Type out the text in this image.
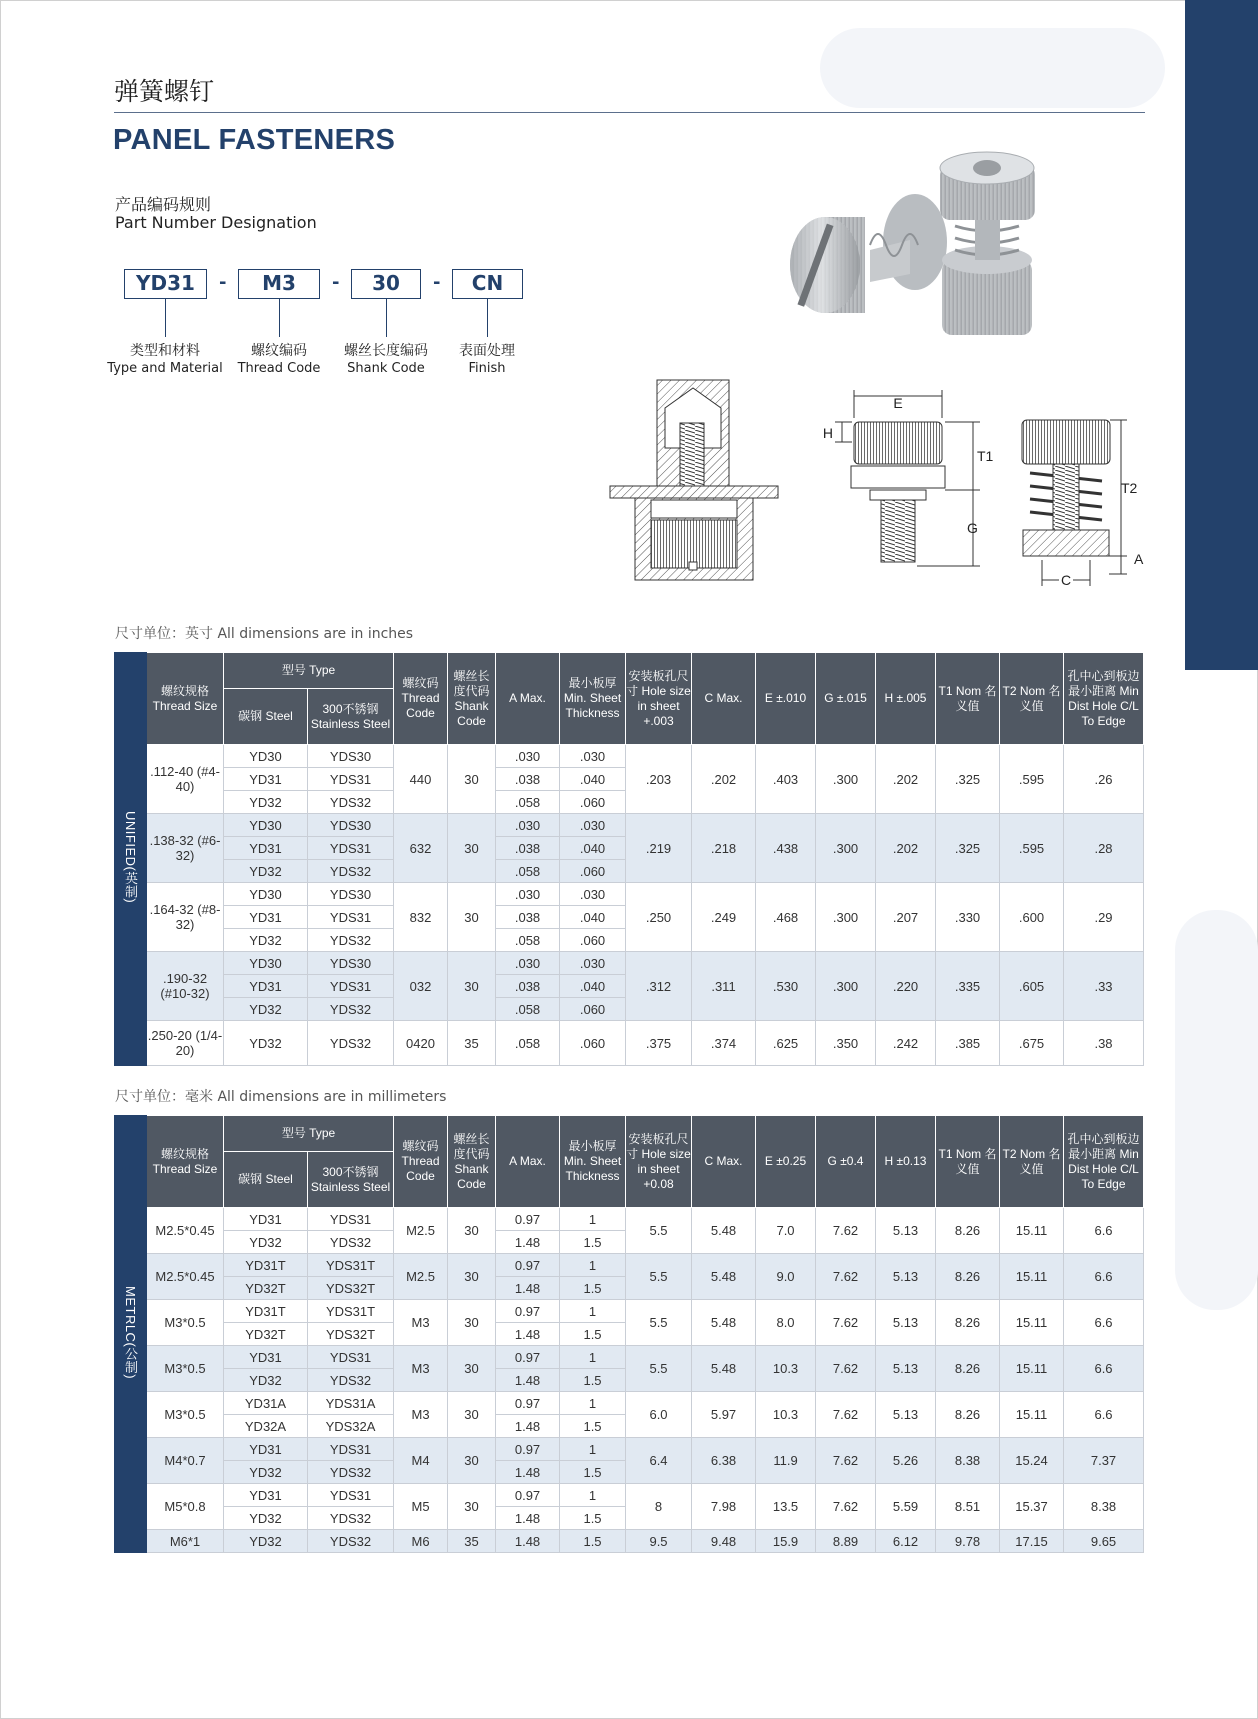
弹簧螺钉
PANEL FASTENERS
产品编码规则
Part Number Designation
YD31	-	M3	-	30	-	CN
类型和材料
Type and Material
螺纹编码
Thread Code
螺丝长度编码
Shank Code
表面处理
Finish
E
H
T1
G
T2
A
C
尺寸单位：英寸 All dimensions are in inches
UNIFIED(英制)	螺纹规格 Thread Size	型号 Type		螺纹码 Thread Code	螺丝长度代码 Shank Code	A Max.	最小板厚 Min. Sheet Thickness	安装板孔尺寸 Hole size in sheet +.003	C Max.	E ±.010	G ±.015	H ±.005	T1 Nom 名义值	T2 Nom 名义值	孔中心到板边最小距离 Min Dist Hole C/L To Edge
		碳钢 Steel	300不锈钢 Stainless Steel												
	.112-40 (#4-40)	YD30	YDS30	440	30	.030	.030	.203	.202	.403	.300	.202	.325	.595	.26
		YD31	YDS31			.038	.040								
		YD32	YDS32			.058	.060								
	.138-32 (#6-32)	YD30	YDS30	632	30	.030	.030	.219	.218	.438	.300	.202	.325	.595	.28
		YD31	YDS31			.038	.040								
		YD32	YDS32			.058	.060								
	.164-32 (#8-32)	YD30	YDS30	832	30	.030	.030	.250	.249	.468	.300	.207	.330	.600	.29
		YD31	YDS31			.038	.040								
		YD32	YDS32			.058	.060								
	.190-32 (#10-32)	YD30	YDS30	032	30	.030	.030	.312	.311	.530	.300	.220	.335	.605	.33
		YD31	YDS31			.038	.040								
		YD32	YDS32			.058	.060								
	.250-20 (1/4-20)	YD32	YDS32	0420	35	.058	.060	.375	.374	.625	.350	.242	.385	.675	.38
尺寸单位：毫米 All dimensions are in millimeters
METRLC(公制)	螺纹规格 Thread Size	型号 Type		螺纹码 Thread Code	螺丝长度代码 Shank Code	A Max.	最小板厚 Min. Sheet Thickness	安装板孔尺寸 Hole size in sheet +0.08	C Max.	E ±0.25	G ±0.4	H ±0.13	T1 Nom 名义值	T2 Nom 名义值	孔中心到板边最小距离 Min Dist Hole C/L To Edge
		碳钢 Steel	300不锈钢 Stainless Steel												
	M2.5*0.45	YD31	YDS31	M2.5	30	0.97	1	5.5	5.48	7.0	7.62	5.13	8.26	15.11	6.6
		YD32	YDS32			1.48	1.5								
	M2.5*0.45	YD31T	YDS31T	M2.5	30	0.97	1	5.5	5.48	9.0	7.62	5.13	8.26	15.11	6.6
		YD32T	YDS32T			1.48	1.5								
	M3*0.5	YD31T	YDS31T	M3	30	0.97	1	5.5	5.48	8.0	7.62	5.13	8.26	15.11	6.6
		YD32T	YDS32T			1.48	1.5								
	M3*0.5	YD31	YDS31	M3	30	0.97	1	5.5	5.48	10.3	7.62	5.13	8.26	15.11	6.6
		YD32	YDS32			1.48	1.5								
	M3*0.5	YD31A	YDS31A	M3	30	0.97	1	6.0	5.97	10.3	7.62	5.13	8.26	15.11	6.6
		YD32A	YDS32A			1.48	1.5								
	M4*0.7	YD31	YDS31	M4	30	0.97	1	6.4	6.38	11.9	7.62	5.26	8.38	15.24	7.37
		YD32	YDS32			1.48	1.5								
	M5*0.8	YD31	YDS31	M5	30	0.97	1	8	7.98	13.5	7.62	5.59	8.51	15.37	8.38
		YD32	YDS32			1.48	1.5								
	M6*1	YD32	YDS32	M6	35	1.48	1.5	9.5	9.48	15.9	8.89	6.12	9.78	17.15	9.65
